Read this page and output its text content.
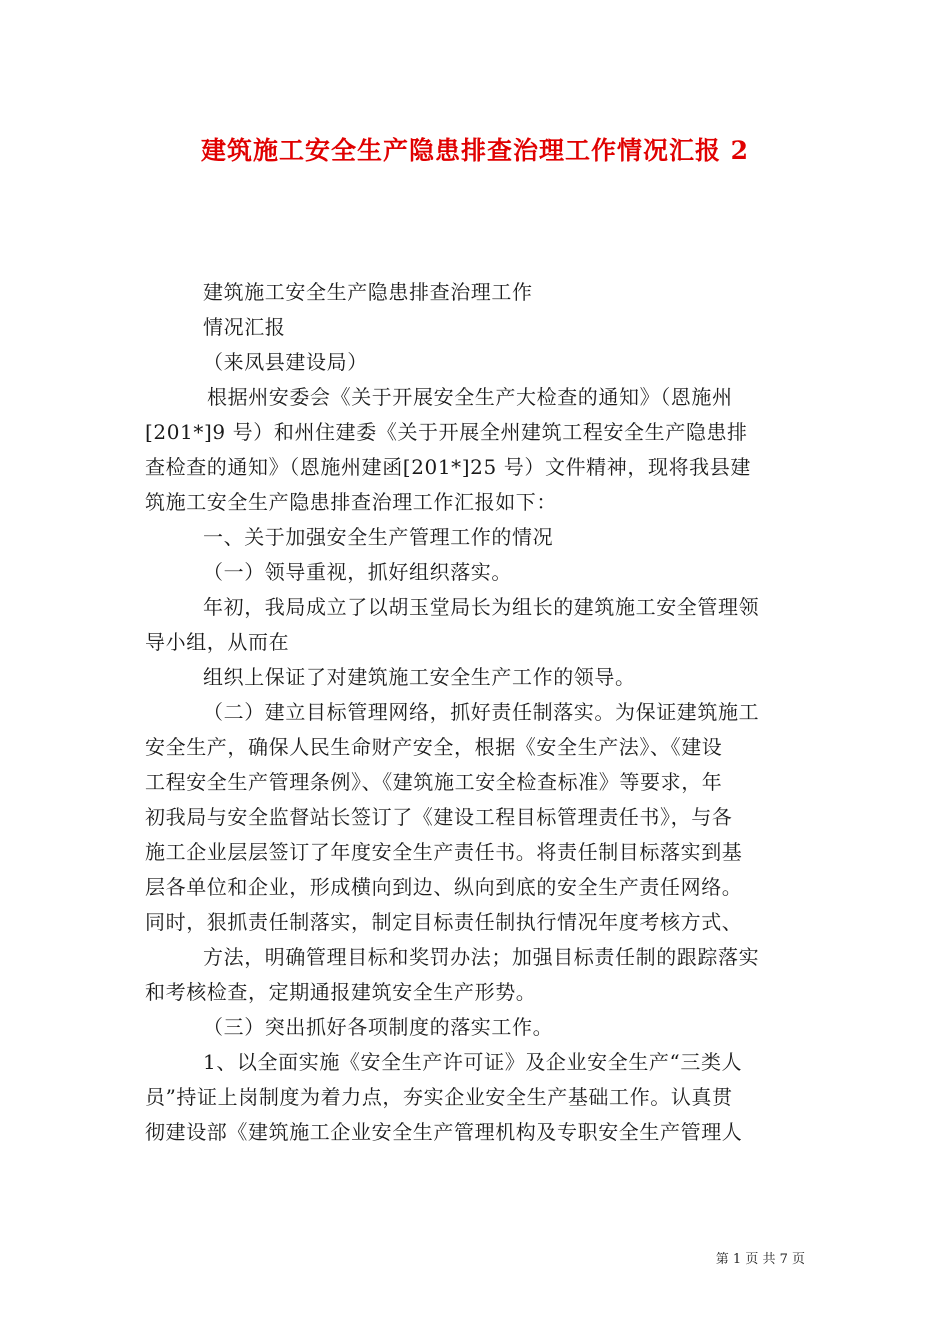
建筑施工安全生产隐患排查治理工作情况汇报 2

建筑施工安全生产隐患排查治理工作

情况汇报

（来凤县建设局）

根据州安委会《关于开展安全生产大检查的通知》（恩施州

[201*]9 号）和州住建委《关于开展全州建筑工程安全生产隐患排

查检查的通知》（恩施州建函[201*]25 号）文件精神，现将我县建

筑施工安全生产隐患排查治理工作汇报如下：

一、关于加强安全生产管理工作的情况

（一）领导重视，抓好组织落实。

年初，我局成立了以胡玉堂局长为组长的建筑施工安全管理领

导小组，从而在

组织上保证了对建筑施工安全生产工作的领导。

（二）建立目标管理网络，抓好责任制落实。为保证建筑施工

安全生产，确保人民生命财产安全，根据《安全生产法》、《建设

工程安全生产管理条例》、《建筑施工安全检查标准》等要求，年

初我局与安全监督站长签订了《建设工程目标管理责任书》，与各

施工企业层层签订了年度安全生产责任书。将责任制目标落实到基

层各单位和企业，形成横向到边、纵向到底的安全生产责任网络。

同时，狠抓责任制落实，制定目标责任制执行情况年度考核方式、

方法，明确管理目标和奖罚办法；加强目标责任制的跟踪落实

和考核检查，定期通报建筑安全生产形势。

（三）突出抓好各项制度的落实工作。

1、以全面实施《安全生产许可证》及企业安全生产“三类人

员”持证上岗制度为着力点，夯实企业安全生产基础工作。认真贯

彻建设部《建筑施工企业安全生产管理机构及专职安全生产管理人

第 1 页 共 7 页
